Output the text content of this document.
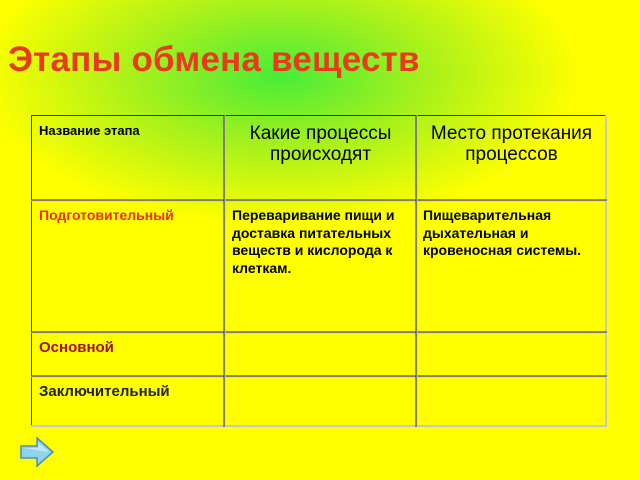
Этапы обмена веществ
Название этапа	Какие процессы происходят
Место протекания процессов
Подготовительный	Переваривание пищи и доставка питательных веществ и кислорода к клеткам.
Пищеварительная дыхательная и кровеносная системы.
Основной
Заключительный
